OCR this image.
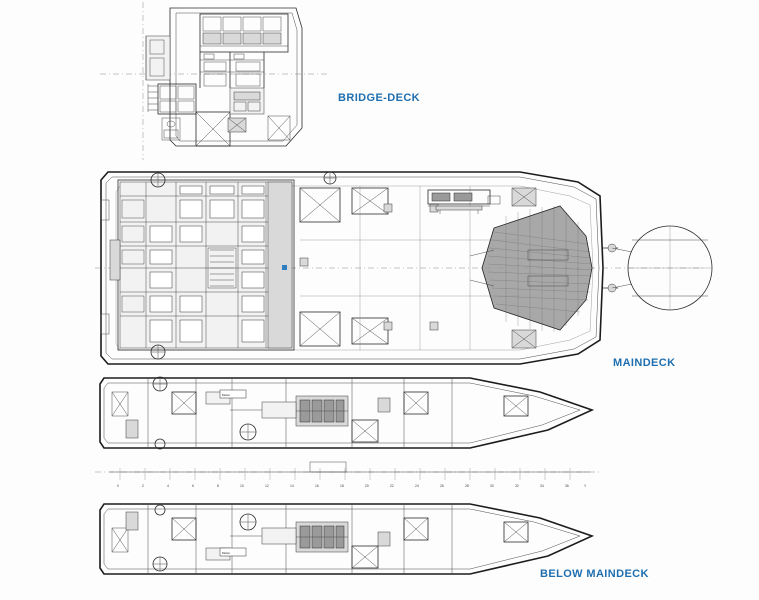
Ballast
0	2	4	6	8	10	12	14	16	18	20	22	24	26	28	30	32	34	36	Y
Ballast
BRIDGE-DECK
MAINDECK
BELOW MAINDECK
